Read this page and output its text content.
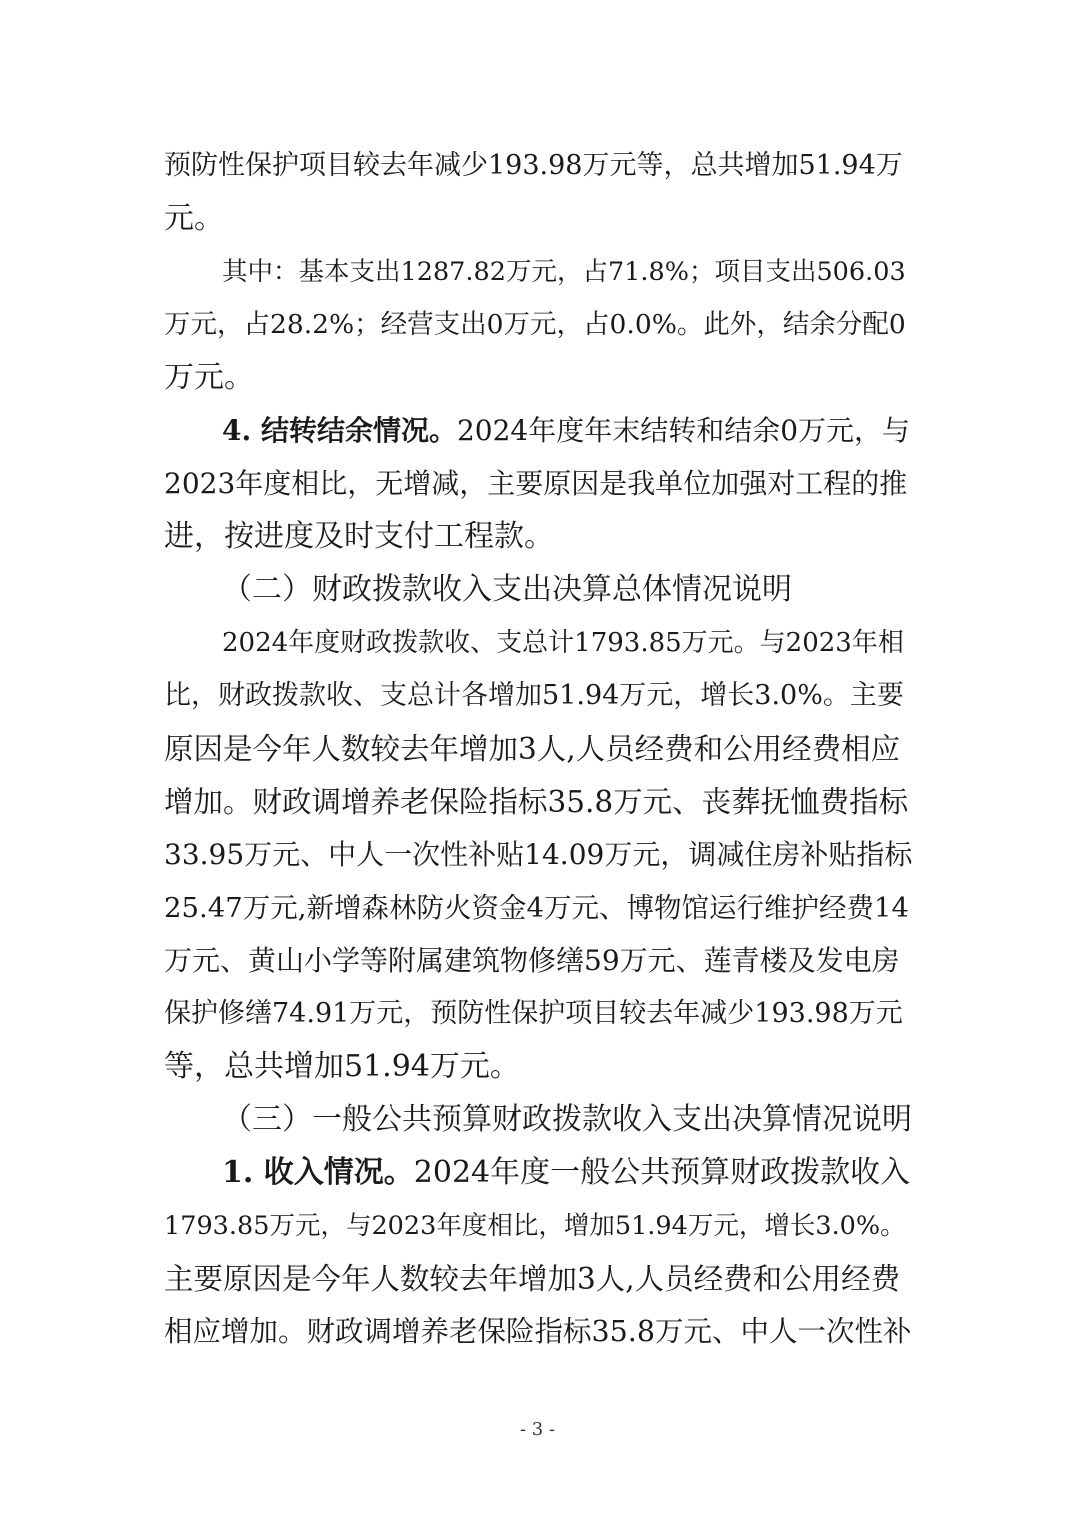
预防性保护项目较去年减少193.98万元等，总共增加51.94万
元。
其中：基本支出1287.82万元，占71.8%；项目支出506.03
万元，占28.2%；经营支出0万元，占0.0%。此外，结余分配0
万元。
4. 结转结余情况。2024年度年末结转和结余0万元，与
2023年度相比，无增减，主要原因是我单位加强对工程的推
进，按进度及时支付工程款。
（二）财政拨款收入支出决算总体情况说明
2024年度财政拨款收、支总计1793.85万元。与2023年相
比，财政拨款收、支总计各增加51.94万元，增长3.0%。主要
原因是今年人数较去年增加3人,人员经费和公用经费相应
增加。财政调增养老保险指标35.8万元、丧葬抚恤费指标
33.95万元、中人一次性补贴14.09万元，调减住房补贴指标
25.47万元,新增森林防火资金4万元、博物馆运行维护经费14
万元、黄山小学等附属建筑物修缮59万元、莲青楼及发电房
保护修缮74.91万元，预防性保护项目较去年减少193.98万元
等，总共增加51.94万元。
（三）一般公共预算财政拨款收入支出决算情况说明
1. 收入情况。2024年度一般公共预算财政拨款收入
1793.85万元，与2023年度相比，增加51.94万元，增长3.0%。
主要原因是今年人数较去年增加3人,人员经费和公用经费
相应增加。财政调增养老保险指标35.8万元、中人一次性补
- 3 -
